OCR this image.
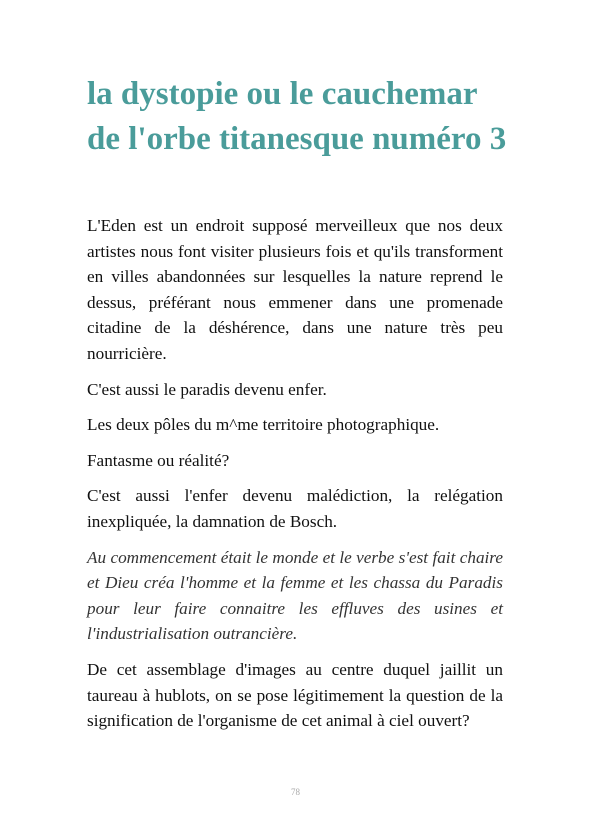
la dystopie ou le cauchemar de l'orbe titanesque numéro 3

L'Eden est un endroit supposé merveilleux que nos deux artistes nous font visiter plusieurs fois et qu'ils transforment en villes abandonnées sur lesquelles la nature reprend le dessus, préférant nous emmener dans une promenade citadine de la déshérence, dans une nature très peu nourricière.

C'est aussi le paradis devenu enfer.

Les deux pôles du m^me territoire photographique.

Fantasme ou réalité?

C'est aussi l'enfer devenu malédiction, la relégation inexpliquée, la damnation de Bosch.

Au commencement était le monde et le verbe s'est fait chaire et Dieu créa l'homme et la femme et les chassa du Paradis pour leur faire connaitre les effluves des usines et l'industrialisation outrancière.

De cet assemblage d'images au centre duquel jaillit un taureau à hublots, on se pose légitimement la question de la signification de l'organisme de cet animal à ciel ouvert?

78
